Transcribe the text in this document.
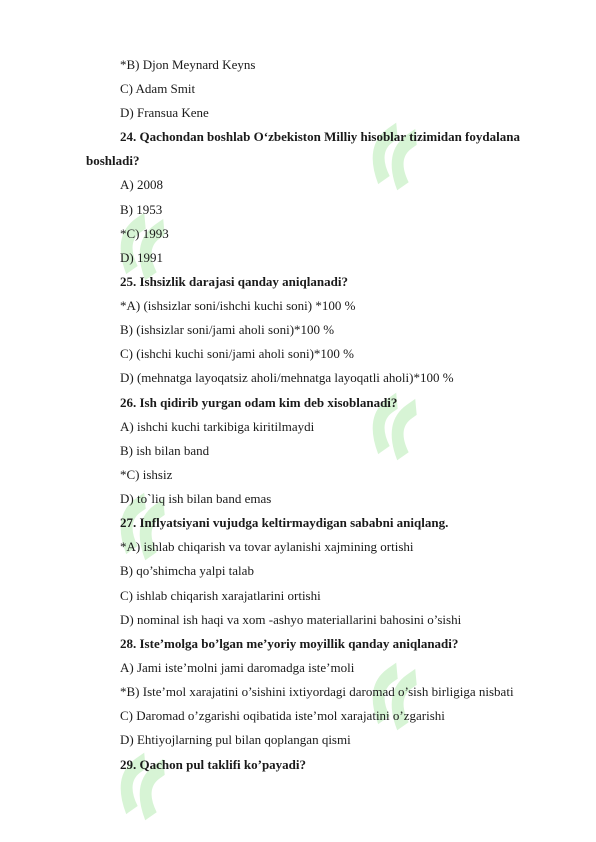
*B) Djon Meynard Keyns
C) Adam Smit
D) Fransua Kene
24. Qachondan boshlab O‘zbekiston Milliy hisoblar tizimidan foydalana
boshladi?
A) 2008
B) 1953
*C) 1993
D) 1991
25. Ishsizlik darajasi qanday aniqlanadi?
*A) (ishsizlar soni/ishchi kuchi soni) *100 %
B) (ishsizlar soni/jami aholi soni)*100 %
C) (ishchi kuchi soni/jami aholi soni)*100 %
D) (mehnatga layoqatsiz aholi/mehnatga layoqatli aholi)*100 %
26. Ish qidirib yurgan odam kim deb xisoblanadi?
A) ishchi kuchi tarkibiga kiritilmaydi
B) ish bilan band
*C) ishsiz
D) to`liq ish bilan band emas
27. Inflyatsiyani vujudga keltirmaydigan sababni aniqlang.
*A) ishlab chiqarish va tovar aylanishi xajmining ortishi
B) qo’shimcha yalpi talab
C) ishlab chiqarish xarajatlarini ortishi
D) nominal ish haqi va xom -ashyo materiallarini bahosini o’sishi
28. Iste’molga bo’lgan me’yoriy moyillik qanday aniqlanadi?
A) Jami iste’molni jami daromadga iste’moli
*B) Iste’mol xarajatini o’sishini ixtiyordagi daromad o’sish birligiga nisbati
C) Daromad o’zgarishi oqibatida iste’mol xarajatini o’zgarishi
D) Ehtiyojlarning pul bilan qoplangan qismi
29. Qachon pul taklifi ko’payadi?
